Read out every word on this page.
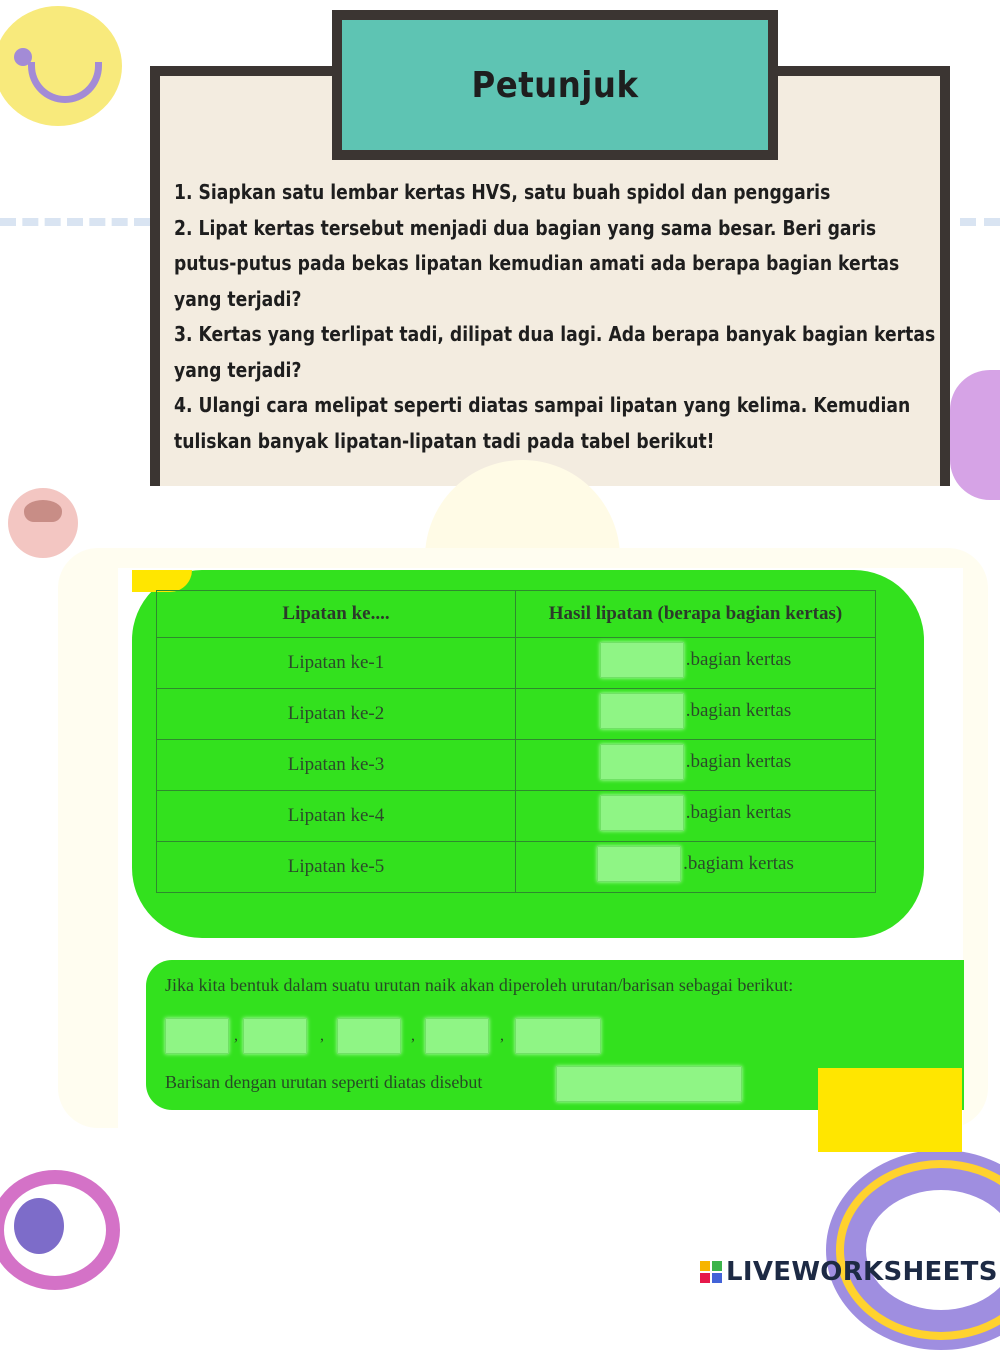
Petunjuk

1. Siapkan satu lembar kertas HVS, satu buah spidol dan penggaris

2. Lipat kertas tersebut menjadi dua bagian yang sama besar. Beri garis putus-putus pada bekas lipatan kemudian amati ada berapa bagian kertas yang terjadi?

3. Kertas yang terlipat tadi, dilipat dua lagi. Ada berapa banyak bagian kertas yang terjadi?

4. Ulangi cara melipat seperti diatas sampai lipatan yang kelima. Kemudian tuliskan banyak lipatan-lipatan tadi pada tabel berikut!

Lipatan ke....	Hasil lipatan (berapa bagian kertas)
Lipatan ke-1	.bagian kertas

Lipatan ke-2	.bagian kertas

Lipatan ke-3	.bagian kertas

Lipatan ke-4	.bagian kertas

Lipatan ke-5	.bagiam kertas
Jika kita bentuk dalam suatu urutan naik akan diperoleh urutan/barisan sebagai berikut:
,	,	,	,
Barisan dengan urutan seperti diatas disebut
LIVEWORKSHEETS
